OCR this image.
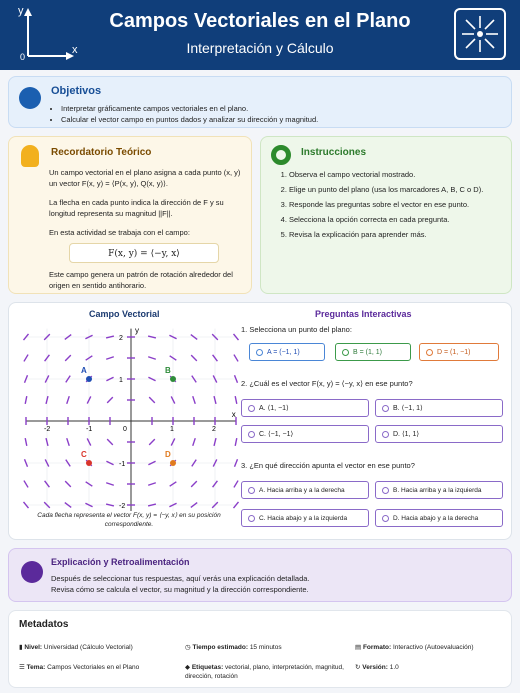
y
x
0
Campos Vectoriales en el Plano
Interpretación y Cálculo
Objetivos
• Interpretar gráficamente campos vectoriales en el plano.
• Calcular el vector campo en puntos dados y analizar su dirección y magnitud.
Recordatorio Teórico
Un campo vectorial en el plano asigna a cada punto (x, y) un vector F(x, y) = ⟨P(x, y), Q(x, y)⟩.
La flecha en cada punto indica la dirección de F y su longitud representa su magnitud ||F||.
En esta actividad se trabaja con el campo:
F(x, y) = ⟨−y, x⟩
Este campo genera un patrón de rotación alrededor del origen en sentido antihorario.
Instrucciones
1. Observa el campo vectorial mostrado.
2. Elige un punto del plano (usa los marcadores A, B, C o D).
3. Responde las preguntas sobre el vector en ese punto.
4. Selecciona la opción correcta en cada pregunta.
5. Revisa la explicación para aprender más.
Campo Vectorial	Preguntas Interactivas
-2	-1	0	1	2
2
1
-1
-2
x
y
A	B
C	D
Cada flecha representa el vector F(x, y) = ⟨−y, x⟩ en su posición correspondiente.
1. Selecciona un punto del plano:
A = (−1, 1)	B = (1, 1)	D = (1, −1)
2. ¿Cuál es el vector F(x, y) = ⟨−y, x⟩ en ese punto?
A. ⟨1, −1⟩	B. ⟨−1, 1⟩
C. ⟨−1, −1⟩	D. ⟨1, 1⟩
3. ¿En qué dirección apunta el vector en ese punto?
A. Hacia arriba y a la derecha	B. Hacia arriba y a la izquierda
C. Hacia abajo y a la izquierda	D. Hacia abajo y a la derecha
Explicación y Retroalimentación

Después de seleccionar tus respuestas, aquí verás una explicación detallada.
Revisa cómo se calcula el vector, su magnitud y la dirección correspondiente.

Metadatos
▮ Nivel: Universidad (Cálculo Vectorial)	◷ Tiempo estimado: 15 minutos	▤ Formato: Interactivo (Autoevaluación)
☰ Tema: Campos Vectoriales en el Plano	◆ Etiquetas: vectorial, plano, interpretación, magnitud, dirección, rotación
↻ Versión: 1.0
